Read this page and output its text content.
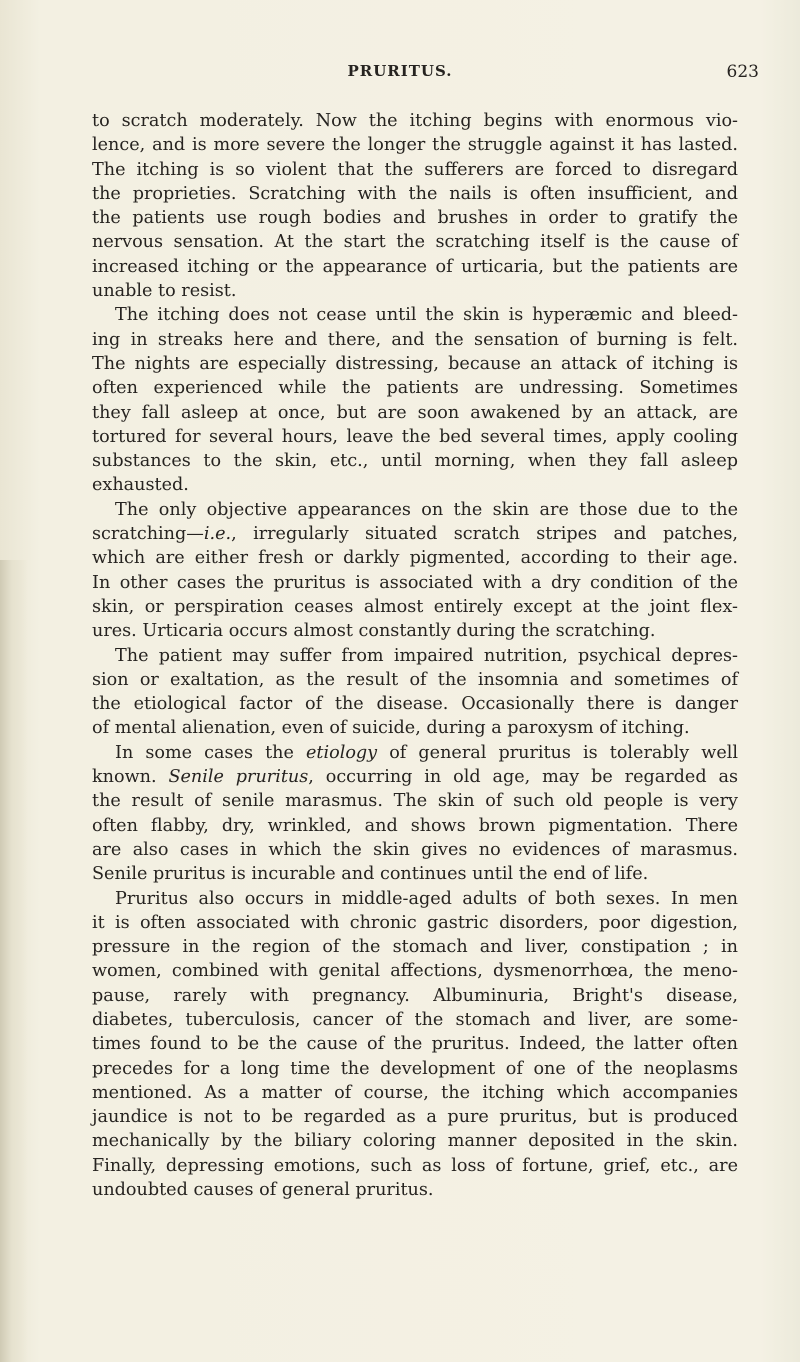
PRURITUS.	623
to scratch moderately. Now the itching begins with enormous vio-
lence, and is more severe the longer the struggle against it has lasted.
The itching is so violent that the sufferers are forced to disregard
the proprieties. Scratching with the nails is often insufficient, and
the patients use rough bodies and brushes in order to gratify the
nervous sensation. At the start the scratching itself is the cause of
increased itching or the appearance of urticaria, but the patients are
unable to resist.
The itching does not cease until the skin is hyperæmic and bleed-
ing in streaks here and there, and the sensation of burning is felt.
The nights are especially distressing, because an attack of itching is
often experienced while the patients are undressing. Sometimes
they fall asleep at once, but are soon awakened by an attack, are
tortured for several hours, leave the bed several times, apply cooling
substances to the skin, etc., until morning, when they fall asleep
exhausted.
The only objective appearances on the skin are those due to the
scratching—i.e., irregularly situated scratch stripes and patches,
which are either fresh or darkly pigmented, according to their age.
In other cases the pruritus is associated with a dry condition of the
skin, or perspiration ceases almost entirely except at the joint flex-
ures. Urticaria occurs almost constantly during the scratching.
The patient may suffer from impaired nutrition, psychical depres-
sion or exaltation, as the result of the insomnia and sometimes of
the etiological factor of the disease. Occasionally there is danger
of mental alienation, even of suicide, during a paroxysm of itching.
In some cases the etiology of general pruritus is tolerably well
known. Senile pruritus, occurring in old age, may be regarded as
the result of senile marasmus. The skin of such old people is very
often flabby, dry, wrinkled, and shows brown pigmentation. There
are also cases in which the skin gives no evidences of marasmus.
Senile pruritus is incurable and continues until the end of life.
Pruritus also occurs in middle-aged adults of both sexes. In men
it is often associated with chronic gastric disorders, poor digestion,
pressure in the region of the stomach and liver, constipation ; in
women, combined with genital affections, dysmenorrhœa, the meno-
pause, rarely with pregnancy. Albuminuria, Bright's disease,
diabetes, tuberculosis, cancer of the stomach and liver, are some-
times found to be the cause of the pruritus. Indeed, the latter often
precedes for a long time the development of one of the neoplasms
mentioned. As a matter of course, the itching which accompanies
jaundice is not to be regarded as a pure pruritus, but is produced
mechanically by the biliary coloring manner deposited in the skin.
Finally, depressing emotions, such as loss of fortune, grief, etc., are
undoubted causes of general pruritus.
